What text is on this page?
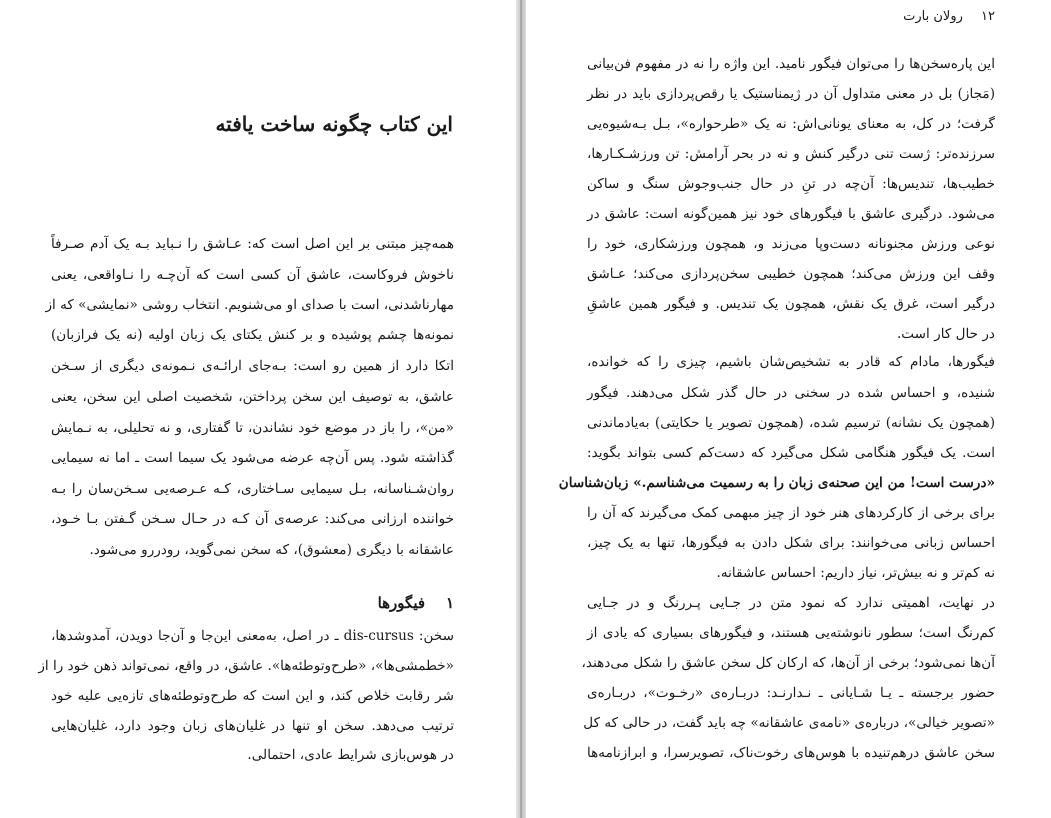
این کتاب چگونه ساخت یافته
همه‌چیز مبتنی بر این اصل است که: عـاشق را نـباید بـه یک آدم صـرفاً
ناخوش فروکاست، عاشق آن کسی است که آن‌چـه را نـاواقعی، یعنی
مهارناشدنی، است با صدای او می‌شنویم. انتخاب روشی «نمایشی» که از
نمونه‌ها چشم پوشیده و بر کنش یکتای یک زبان اولیه (نه یک فرازبان)
اتکا دارد از همین رو است: بـه‌جای ارائـه‌ی نـمونه‌ی دیگری از سـخن
عاشق، به توصیف این سخن پرداختن، شخصیت اصلی این سخن، یعنی
«من»، را باز در موضع خود نشاندن، تا گفتاری، و نه تحلیلی، به نـمایش
گذاشته شود. پس آن‌چه عرضه می‌شود یک سیما است ـ اما نه سیمایی
روان‌شـناسانه، بـل سیمایی سـاختاری، کـه عـرصه‌یی سـخن‌سان را بـه
خواننده ارزانی می‌کند: عرصه‌ی آن کـه در حـال سـخن گـفتن بـا خـود،
عاشقانه با دیگری (معشوق)، که سخن نمی‌گوید، رودررو می‌شود.
۱    فیگورها
سخن: dis-cursus ـ در اصل، به‌معنی این‌جا و آن‌جا دویدن، آمدوشدها،
«خطمشی‌ها»، «طرح‌وتوطئه‌ها». عاشق، در واقع، نمی‌تواند ذهن خود را از
شر رقابت خلاص کند، و این است که طرح‌وتوطئه‌های تازه‌یی علیه خود
ترتیب می‌دهد. سخن او تنها در غلیان‌های زبان وجود دارد، غلیان‌هایی
در هوس‌بازی شرایط عادی، احتمالی.
۱۲ رولان بارت
این پاره‌سخن‌ها را می‌توان فیگور نامید. این واژه را نه در مفهوم فن‌بیانی
(مَجاز) بل در معنی متداول آن در ژیمناستیک یا رقص‌پردازی باید در نظر
گرفت؛ در کل، به معنای یونانی‌اش: نه یک «طرحواره»، بـل بـه‌شیوه‌یی
سرزنده‌تر: ژست تنی درگیر کنش و نه در بحر آرامش: تن ورزشـکـارها،
خطیب‌ها، تندیس‌ها: آن‌چه در تنِ در حال جنب‌وجوش سنگ و ساکن
می‌شود. درگیری عاشق با فیگورهای خود نیز همین‌گونه است: عاشق در
نوعی ورزش مجنونانه دست‌وپا می‌زند و، همچون ورزشکاری، خود را
وقف این ورزش می‌کند؛ همچون خطیبی سخن‌پردازی می‌کند؛ عـاشق
درگیر است، غرق یک نقش، همچون یک تندیس. و فیگور همین عاشقِ
در حال کار است.
فیگورها، مادام که قادر به تشخیص‌شان باشیم، چیزی را که خوانده،
شنیده، و احساس شده در سخنی در حال گذر شکل می‌دهند. فیگور
(همچون یک نشانه) ترسیم شده، (همچون تصویر یا حکایتی) به‌یادماندنی
است. یک فیگور هنگامی شکل می‌گیرد که دست‌کم کسی بتواند بگوید:
«درست است! من این صحنه‌ی زبان را به رسمیت می‌شناسم.» زبان‌شناسان
برای برخی از کارکردهای هنر خود از چیز مبهمی کمک می‌گیرند که آن را
احساس زبانی می‌خوانند: برای شکل دادن به فیگورها، تنها به یک چیز،
نه کم‌تر و نه بیش‌تر، نیاز داریم: احساس عاشقانه.
در نهایت، اهمیتی ندارد که نمود متن در جـایی پـررنگ و در جـایی
کم‌رنگ است؛ سطور نانوشته‌یی هستند، و فیگورهای بسیاری که یادی از
آن‌ها نمی‌شود؛ برخی از آن‌ها، که ارکان کل سخن عاشق را شکل می‌دهند،
حضور برجسته ـ یـا شـایانی ـ نـدارنـد: دربـاره‌ی «رخـوت»، دربـاره‌ی
«تصویر خیالی»، درباره‌ی «نامه‌ی عاشقانه» چه باید گفت، در حالی که کل
سخن عاشق درهم‌تنیده با هوس‌های رخوت‌ناک، تصویرسرا، و ابرازنامه‌ها
